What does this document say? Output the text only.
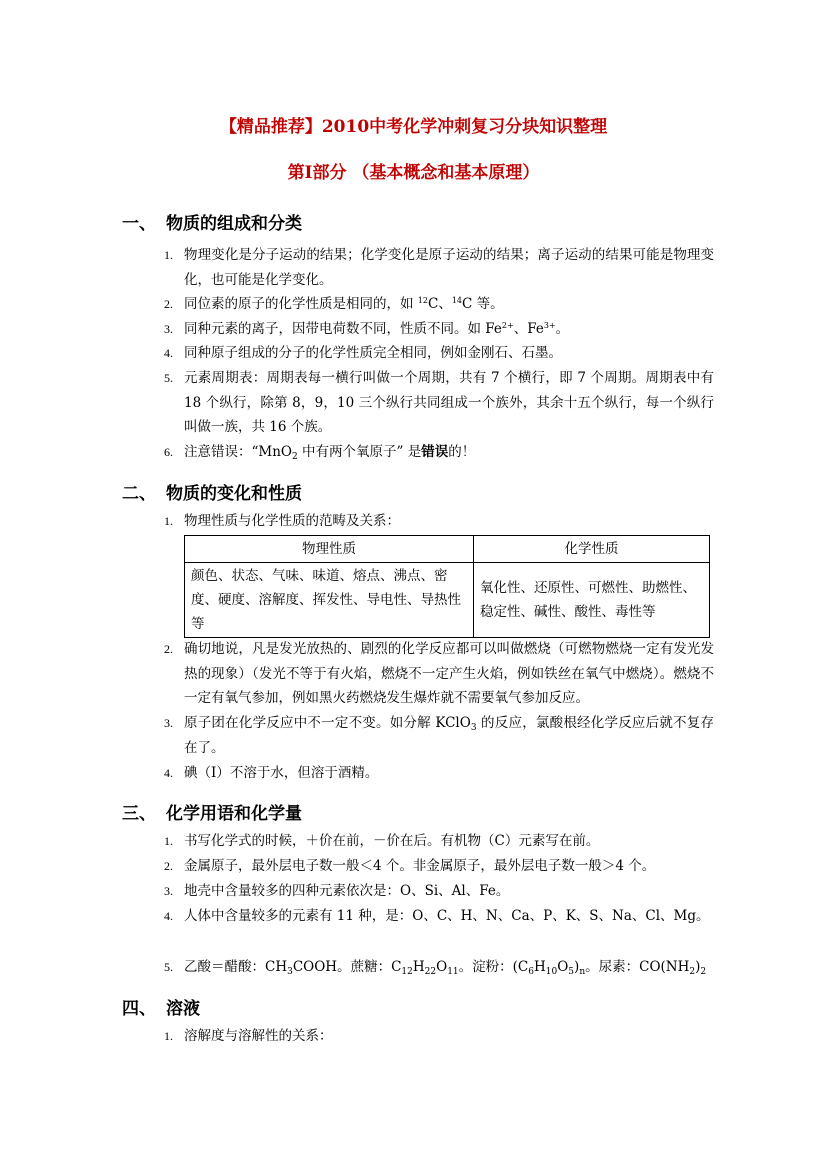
【精品推荐】2010中考化学冲刺复习分块知识整理
第Ⅰ部分 （基本概念和基本原理）
一、 物质的组成和分类
1. 物理变化是分子运动的结果；化学变化是原子运动的结果；离子运动的结果可能是物理变化，也可能是化学变化。
2. 同位素的原子的化学性质是相同的，如 $^{12}$C、$^{14}$C 等。
3. 同种元素的离子，因带电荷数不同，性质不同。如 $Fe^{2+}$、$Fe^{3+}$。
4. 同种原子组成的分子的化学性质完全相同，例如金刚石、石墨。
5. 元素周期表：周期表每一横行叫做一个周期，共有 7 个横行，即 7 个周期。周期表中有 18 个纵行，除第 8，9，10 三个纵行共同组成一个族外，其余十五个纵行，每一个纵行叫做一族，共 16 个族。
6. 注意错误：“MnO$_2$ 中有两个氧原子” 是错误的！
二、 物质的变化和性质
1. 物理性质与化学性质的范畴及关系：
物理性质	化学性质
颜色、状态、气味、味道、熔点、沸点、密度、硬度、溶解度、挥发性、导电性、导热性等	氧化性、还原性、可燃性、助燃性、稳定性、碱性、酸性、毒性等
2. 确切地说，凡是发光放热的、剧烈的化学反应都可以叫做燃烧（可燃物燃烧一定有发光发热的现象）（发光不等于有火焰，燃烧不一定产生火焰，例如铁丝在氧气中燃烧）。燃烧不一定有氧气参加，例如黑火药燃烧发生爆炸就不需要氧气参加反应。
3. 原子团在化学反应中不一定不变。如分解 KClO$_3$ 的反应，氯酸根经化学反应后就不复存在了。
4. 碘（I）不溶于水，但溶于酒精。
三、 化学用语和化学量
1. 书写化学式的时候，＋价在前，－价在后。有机物（C）元素写在前。
2. 金属原子，最外层电子数一般＜4 个。非金属原子，最外层电子数一般＞4 个。
3. 地壳中含量较多的四种元素依次是：O、Si、Al、Fe。
4. 人体中含量较多的元素有 11 种，是：O、C、H、N、Ca、P、K、S、Na、Cl、Mg。
5. 乙酸＝醋酸：$CH_3COOH$。蔗糖：$C_{12}H_{22}O_{11}$。淀粉：$(C_6H_{10}O_5)_n$。尿素：$CO(NH_2)_2$
四、 溶液
1. 溶解度与溶解性的关系：
